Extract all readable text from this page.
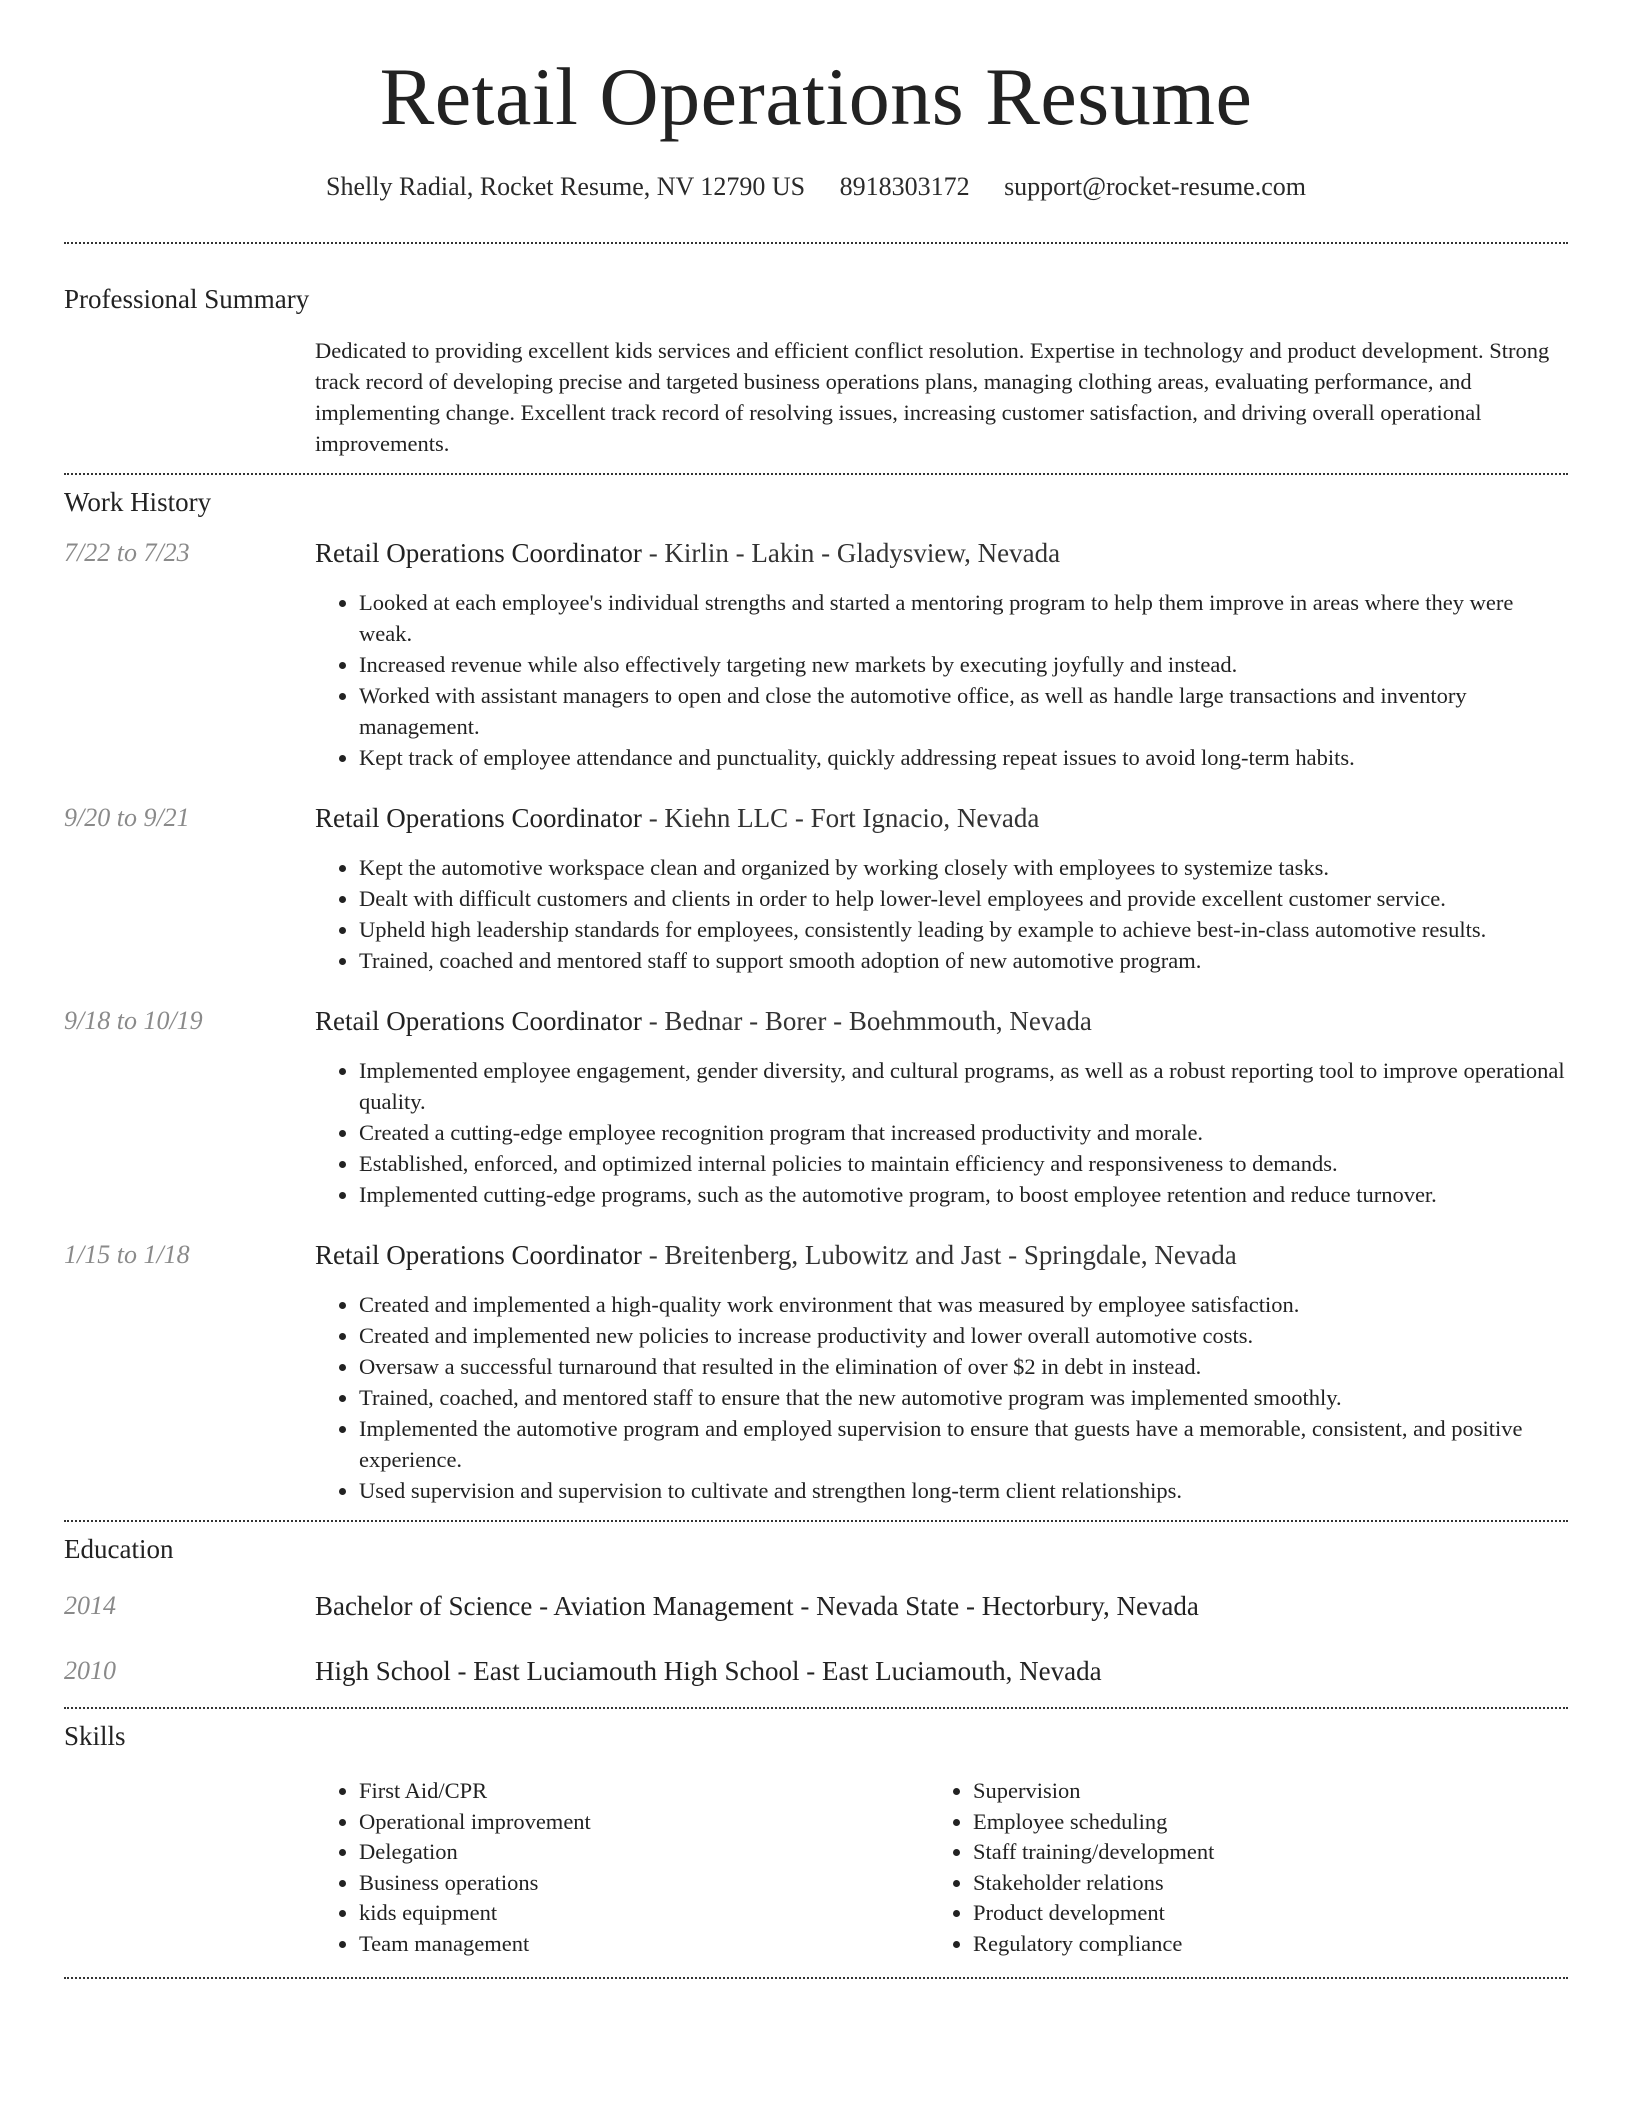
Retail Operations Resume
Shelly Radial, Rocket Resume, NV 12790 US 8918303172 support@rocket-resume.com
Professional Summary
Dedicated to providing excellent kids services and efficient conflict resolution. Expertise in technology and product development. Strong track record of developing precise and targeted business operations plans, managing clothing areas, evaluating performance, and implementing change. Excellent track record of resolving issues, increasing customer satisfaction, and driving overall operational improvements.
Work History
7/22 to 7/23	Retail Operations Coordinator - Kirlin - Lakin - Gladysview, Nevada
• Looked at each employee's individual strengths and started a mentoring program to help them improve in areas where they were weak.
• Increased revenue while also effectively targeting new markets by executing joyfully and instead.
• Worked with assistant managers to open and close the automotive office, as well as handle large transactions and inventory management.
• Kept track of employee attendance and punctuality, quickly addressing repeat issues to avoid long-term habits.
9/20 to 9/21	Retail Operations Coordinator - Kiehn LLC - Fort Ignacio, Nevada
• Kept the automotive workspace clean and organized by working closely with employees to systemize tasks.
• Dealt with difficult customers and clients in order to help lower-level employees and provide excellent customer service.
• Upheld high leadership standards for employees, consistently leading by example to achieve best-in-class automotive results.
• Trained, coached and mentored staff to support smooth adoption of new automotive program.
9/18 to 10/19	Retail Operations Coordinator - Bednar - Borer - Boehmmouth, Nevada
• Implemented employee engagement, gender diversity, and cultural programs, as well as a robust reporting tool to improve operational quality.
• Created a cutting-edge employee recognition program that increased productivity and morale.
• Established, enforced, and optimized internal policies to maintain efficiency and responsiveness to demands.
• Implemented cutting-edge programs, such as the automotive program, to boost employee retention and reduce turnover.
1/15 to 1/18	Retail Operations Coordinator - Breitenberg, Lubowitz and Jast - Springdale, Nevada
• Created and implemented a high-quality work environment that was measured by employee satisfaction.
• Created and implemented new policies to increase productivity and lower overall automotive costs.
• Oversaw a successful turnaround that resulted in the elimination of over $2 in debt in instead.
• Trained, coached, and mentored staff to ensure that the new automotive program was implemented smoothly.
• Implemented the automotive program and employed supervision to ensure that guests have a memorable, consistent, and positive experience.
• Used supervision and supervision to cultivate and strengthen long-term client relationships.
Education
2014	Bachelor of Science - Aviation Management - Nevada State - Hectorbury, Nevada
2010	High School - East Luciamouth High School - East Luciamouth, Nevada
Skills
• First Aid/CPR
• Operational improvement
• Delegation
• Business operations
• kids equipment
• Team management
• Supervision
• Employee scheduling
• Staff training/development
• Stakeholder relations
• Product development
• Regulatory compliance
